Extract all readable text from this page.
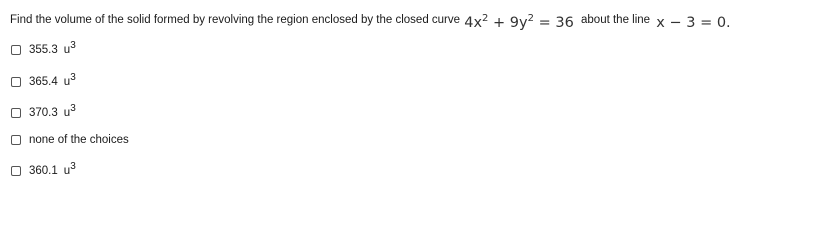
Find the volume of the solid formed by revolving the region enclosed by the closed curve $4x^2 + 9y^2 = 36$ about the line x − 3 = 0.
355.3 $u^3$
365.4 $u^3$
370.3 $u^3$
none of the choices
360.1 $u^3$
